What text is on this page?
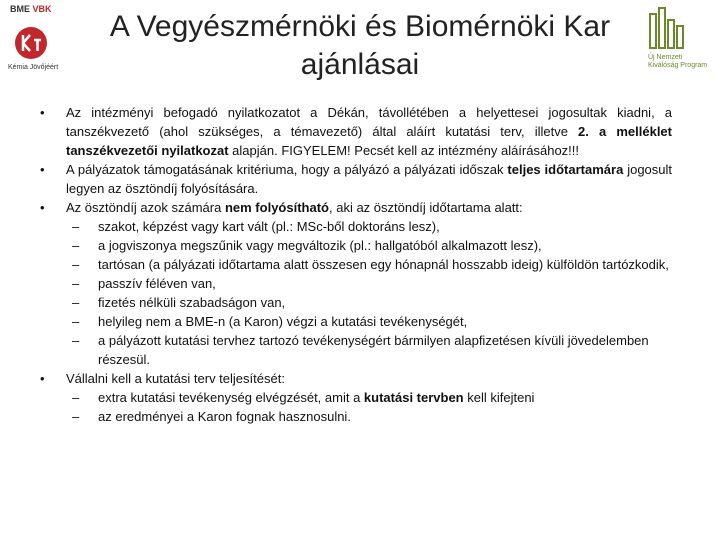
BME VBK
Kémia Jövőjéért
Új Nemzeti
Kiválóság Program
A Vegyészmérnöki és Biomérnöki Kar
ajánlásai
• Az intézményi befogadó nyilatkozatot a Dékán, távollétében a helyettesei jogosultak kiadni, a tanszékvezető (ahol szükséges, a témavezető) által aláírt kutatási terv, illetve 2. a melléklet tanszékvezetői nyilatkozat alapján. FIGYELEM! Pecsét kell az intézmény aláírásához!!!
• A pályázatok támogatásának kritériuma, hogy a pályázó a pályázati időszak teljes időtartamára jogosult legyen az ösztöndíj folyósítására.
• Az ösztöndíj azok számára nem folyósítható, aki az ösztöndíj időtartama alatt:
– szakot, képzést vagy kart vált (pl.: MSc-ből doktoráns lesz),
– a jogviszonya megszűnik vagy megváltozik (pl.: hallgatóból alkalmazott lesz),
– tartósan (a pályázati időtartama alatt összesen egy hónapnál hosszabb ideig) külföldön tartózkodik,
– passzív féléven van,
– fizetés nélküli szabadságon van,
– helyileg nem a BME-n (a Karon) végzi a kutatási tevékenységét,
– a pályázott kutatási tervhez tartozó tevékenységért bármilyen alapfizetésen kívüli jövedelemben részesül.
• Vállalni kell a kutatási terv teljesítését:
– extra kutatási tevékenység elvégzését, amit a kutatási tervben kell kifejteni
– az eredményei a Karon fognak hasznosulni.
